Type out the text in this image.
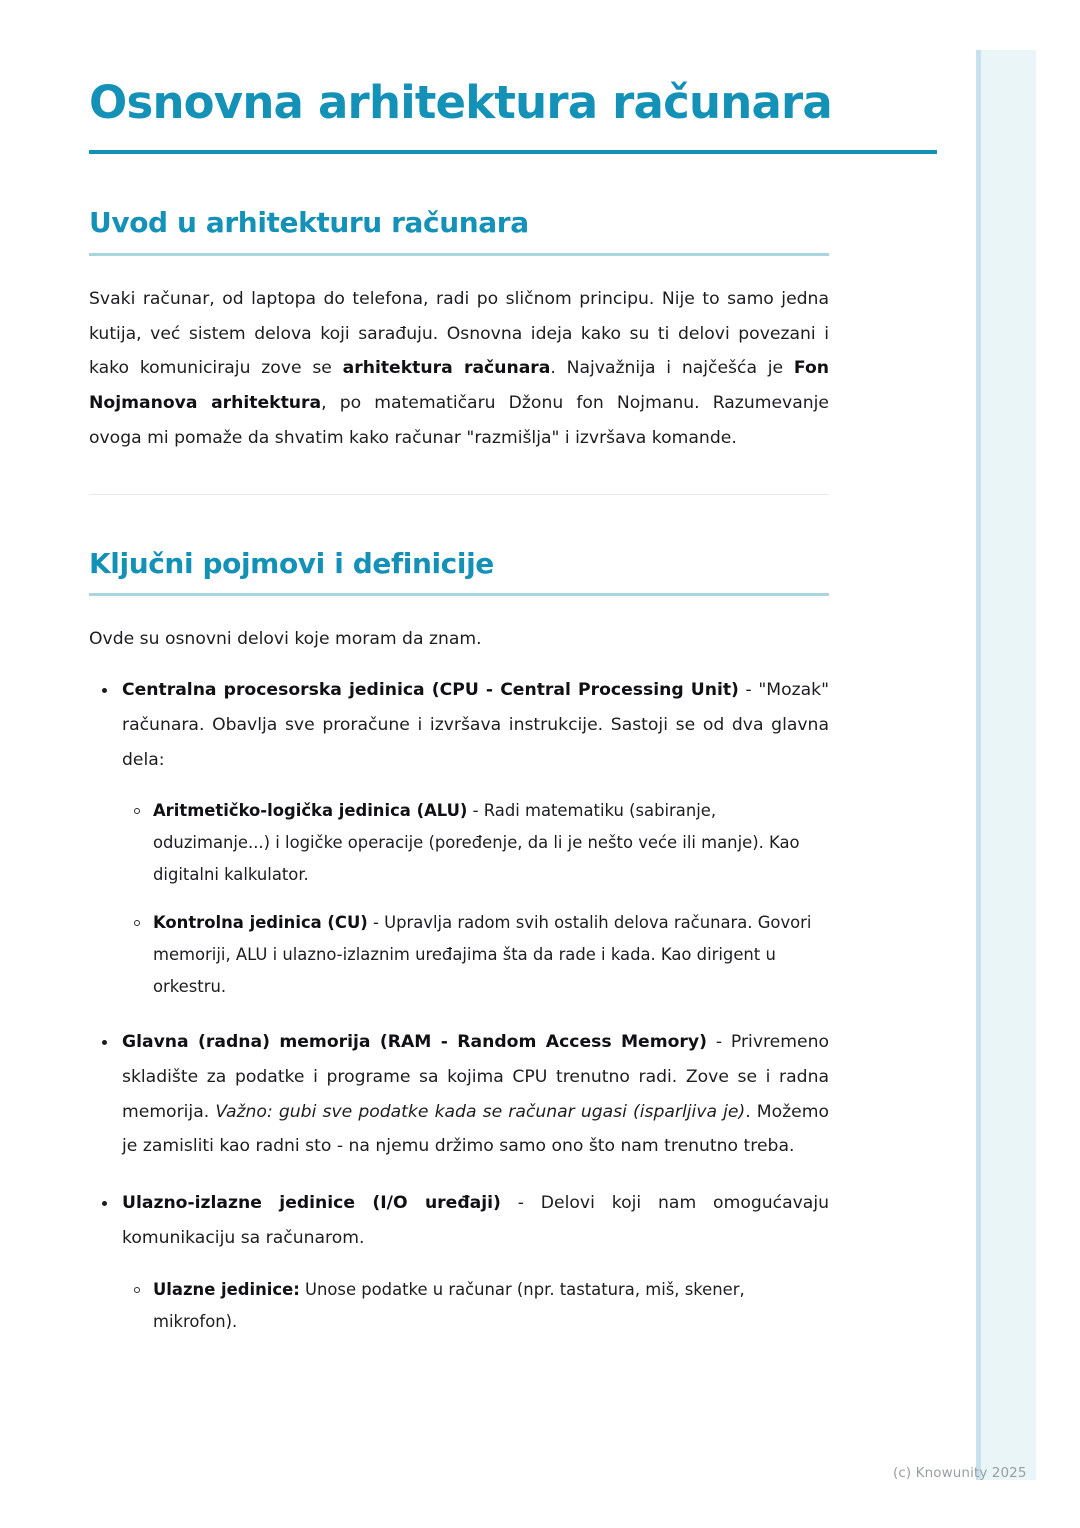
Osnovna arhitektura računara
Uvod u arhitekturu računara

Svaki računar, od laptopa do telefona, radi po sličnom principu. Nije to samo jedna kutija, već sistem delova koji sarađuju. Osnovna ideja kako su ti delovi povezani i kako komuniciraju zove se arhitektura računara. Najvažnija i najčešća je Fon Nojmanova arhitektura, po matematičaru Džonu fon Nojmanu. Razumevanje ovoga mi pomaže da shvatim kako računar "razmišlja" i izvršava komande.

Ključni pojmovi i definicije

Ovde su osnovni delovi koje moram da znam.

Centralna procesorska jedinica (CPU - Central Processing Unit) - "Mozak" računara. Obavlja sve proračune i izvršava instrukcije. Sastoji se od dva glavna dela:
Aritmetičko-logička jedinica (ALU) - Radi matematiku (sabiranje, oduzimanje...) i logičke operacije (poređenje, da li je nešto veće ili manje). Kao digitalni kalkulator.
Kontrolna jedinica (CU) - Upravlja radom svih ostalih delova računara. Govori memoriji, ALU i ulazno-izlaznim uređajima šta da rade i kada. Kao dirigent u orkestru.
Glavna (radna) memorija (RAM - Random Access Memory) - Privremeno skladište za podatke i programe sa kojima CPU trenutno radi. Zove se i radna memorija. Važno: gubi sve podatke kada se računar ugasi (isparljiva je). Možemo je zamisliti kao radni sto - na njemu držimo samo ono što nam trenutno treba.
Ulazno-izlazne jedinice (I/O uređaji) - Delovi koji nam omogućavaju komunikaciju sa računarom.
Ulazne jedinice: Unose podatke u računar (npr. tastatura, miš, skener, mikrofon).
(c) Knowunity 2025
